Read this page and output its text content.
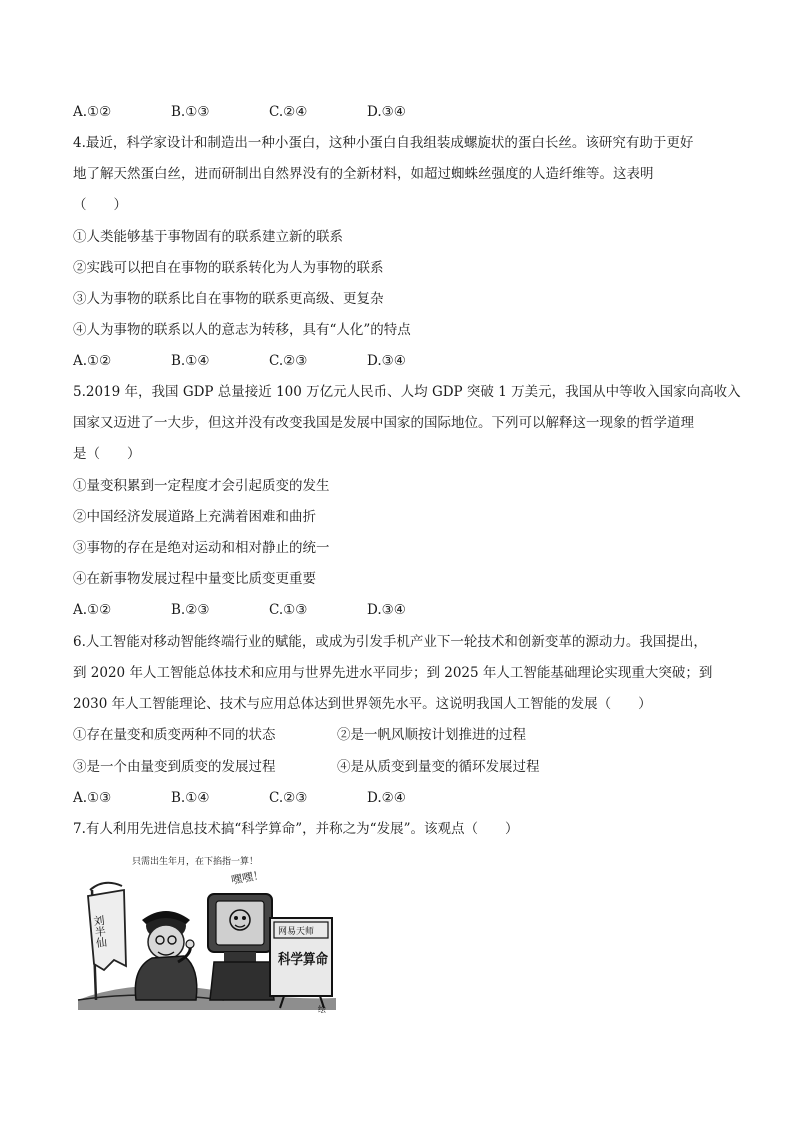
A.①②	B.①③	C.②④	D.③④
4.最近，科学家设计和制造出一种小蛋白，这种小蛋白自我组装成螺旋状的蛋白长丝。该研究有助于更好
地了解天然蛋白丝，进而研制出自然界没有的全新材料，如超过蜘蛛丝强度的人造纤维等。这表明
（　　）
①人类能够基于事物固有的联系建立新的联系
②实践可以把自在事物的联系转化为人为事物的联系
③人为事物的联系比自在事物的联系更高级、更复杂
④人为事物的联系以人的意志为转移，具有“人化”的特点
A.①②	B.①④	C.②③	D.③④
5.2019 年，我国 GDP 总量接近 100 万亿元人民币、人均 GDP 突破 1 万美元，我国从中等收入国家向高收入
国家又迈进了一大步，但这并没有改变我国是发展中国家的国际地位。下列可以解释这一现象的哲学道理
是（　　）
①量变积累到一定程度才会引起质变的发生
②中国经济发展道路上充满着困难和曲折
③事物的存在是绝对运动和相对静止的统一
④在新事物发展过程中量变比质变更重要
A.①②	B.②③	C.①③	D.③④
6.人工智能对移动智能终端行业的赋能，或成为引发手机产业下一轮技术和创新变革的源动力。我国提出，
到 2020 年人工智能总体技术和应用与世界先进水平同步；到 2025 年人工智能基础理论实现重大突破；到
2030 年人工智能理论、技术与应用总体达到世界领先水平。这说明我国人工智能的发展（　　）
①存在量变和质变两种不同的状态	②是一帆风顺按计划推进的过程
③是一个由量变到质变的发展过程	④是从质变到量变的循环发展过程
A.①③	B.①④	C.②③	D.②④
7.有人利用先进信息技术搞“科学算命”，并称之为“发展”。该观点（　　）
刘半仙
只需出生年月，在下掐指一算！
嘿嘿！
网易天师
科学算命
绘
